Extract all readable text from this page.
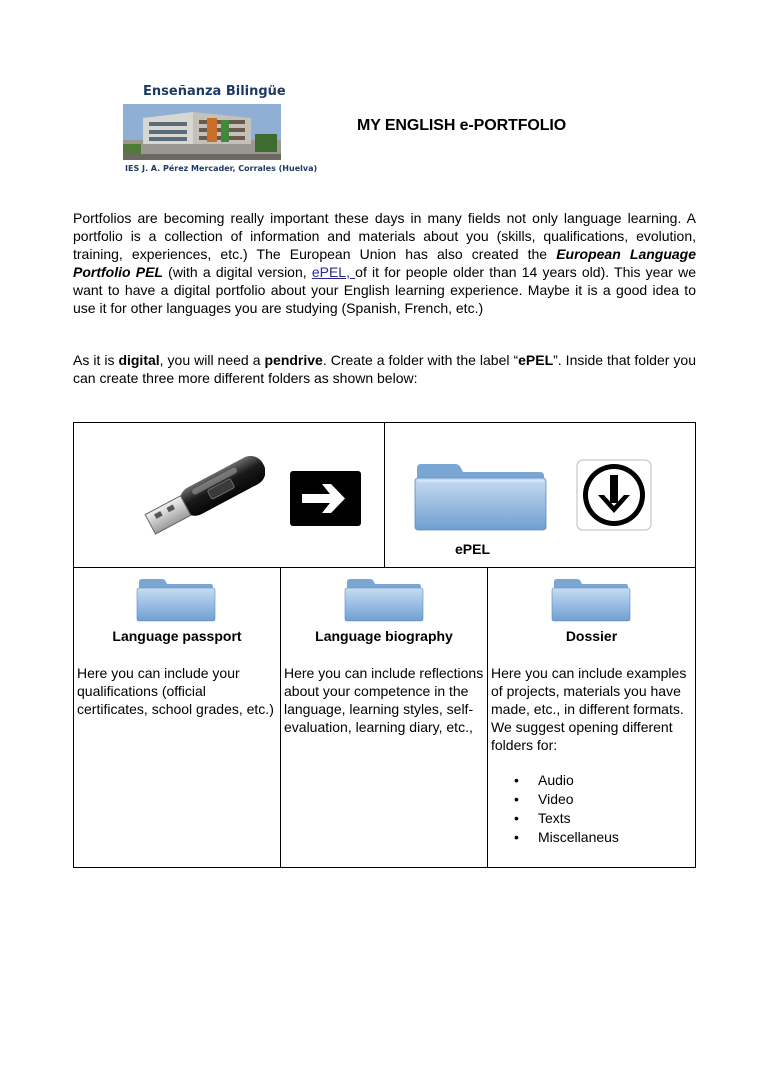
Enseñanza Bilingüe
IES J. A. Pérez Mercader, Corrales (Huelva)
MY ENGLISH e-PORTFOLIO

Portfolios are becoming really important these days in many fields not only language learning. A portfolio is a collection of information and materials about you (skills, qualifications, evolution, training, experiences, etc.) The European Union has also created the European Language Portfolio PEL (with a digital version, ePEL, of it for people older than 14 years old). This year we want to have a digital portfolio about your English learning experience. Maybe it is a good idea to use it for other languages you are studying (Spanish, French, etc.)

As it is digital, you will need a pendrive. Create a folder with the label “ePEL”. Inside that folder you can create three more different folders as shown below:

ePEL
Language passport	Language biography	Dossier

Here you can include your qualifications (official certificates, school grades, etc.)

Here you can include reflections about your competence in the language, learning styles, self-evaluation, learning diary, etc.,

Here you can include examples of projects, materials you have made, etc., in different formats. We suggest opening different folders for:

• Audio
• Video
• Texts
• Miscellaneus
